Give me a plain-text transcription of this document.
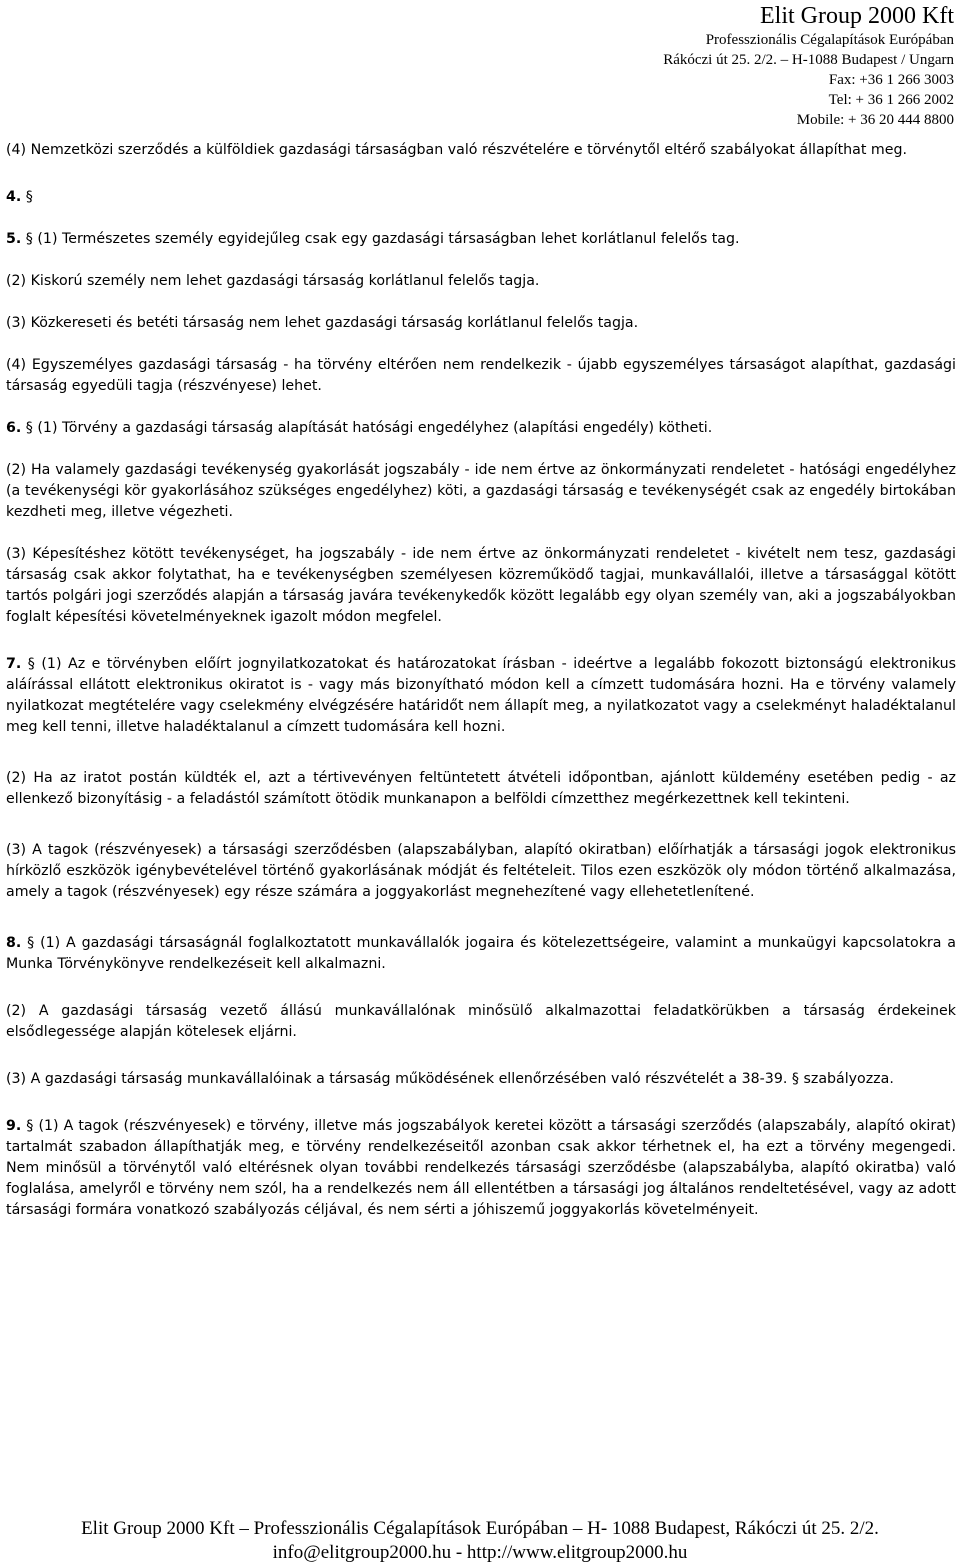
Elit Group 2000 Kft
Professzionális Cégalapítások Európában
Rákóczi út 25. 2/2. – H-1088 Budapest / Ungarn
Fax: +36 1 266 3003
Tel: + 36 1 266 2002
Mobile: + 36 20 444 8800

(4) Nemzetközi szerződés a külföldiek gazdasági társaságban való részvételére e törvénytől eltérő szabályokat állapíthat meg.

4. §

5. § (1) Természetes személy egyidejűleg csak egy gazdasági társaságban lehet korlátlanul felelős tag.

(2) Kiskorú személy nem lehet gazdasági társaság korlátlanul felelős tagja.

(3) Közkereseti és betéti társaság nem lehet gazdasági társaság korlátlanul felelős tagja.

(4) Egyszemélyes gazdasági társaság - ha törvény eltérően nem rendelkezik - újabb egyszemélyes társaságot alapíthat, gazdasági társaság egyedüli tagja (részvényese) lehet.

6. § (1) Törvény a gazdasági társaság alapítását hatósági engedélyhez (alapítási engedély) kötheti.

(2) Ha valamely gazdasági tevékenység gyakorlását jogszabály - ide nem értve az önkormányzati rendeletet - hatósági engedélyhez (a tevékenységi kör gyakorlásához szükséges engedélyhez) köti, a gazdasági társaság e tevékenységét csak az engedély birtokában kezdheti meg, illetve végezheti.

(3) Képesítéshez kötött tevékenységet, ha jogszabály - ide nem értve az önkormányzati rendeletet - kivételt nem tesz, gazdasági társaság csak akkor folytathat, ha e tevékenységben személyesen közreműködő tagjai, munkavállalói, illetve a társasággal kötött tartós polgári jogi szerződés alapján a társaság javára tevékenykedők között legalább egy olyan személy van, aki a jogszabályokban foglalt képesítési követelményeknek igazolt módon megfelel.

7. § (1) Az e törvényben előírt jognyilatkozatokat és határozatokat írásban - ideértve a legalább fokozott biztonságú elektronikus aláírással ellátott elektronikus okiratot is - vagy más bizonyítható módon kell a címzett tudomására hozni. Ha e törvény valamely nyilatkozat megtételére vagy cselekmény elvégzésére határidőt nem állapít meg, a nyilatkozatot vagy a cselekményt haladéktalanul meg kell tenni, illetve haladéktalanul a címzett tudomására kell hozni.

(2) Ha az iratot postán küldték el, azt a tértivevényen feltüntetett átvételi időpontban, ajánlott küldemény esetében pedig - az ellenkező bizonyításig - a feladástól számított ötödik munkanapon a belföldi címzetthez megérkezettnek kell tekinteni.

(3) A tagok (részvényesek) a társasági szerződésben (alapszabályban, alapító okiratban) előírhatják a társasági jogok elektronikus hírközlő eszközök igénybevételével történő gyakorlásának módját és feltételeit. Tilos ezen eszközök oly módon történő alkalmazása, amely a tagok (részvényesek) egy része számára a joggyakorlást megnehezítené vagy ellehetetlenítené.

8. § (1) A gazdasági társaságnál foglalkoztatott munkavállalók jogaira és kötelezettségeire, valamint a munkaügyi kapcsolatokra a Munka Törvénykönyve rendelkezéseit kell alkalmazni.

(2) A gazdasági társaság vezető állású munkavállalónak minősülő alkalmazottai feladatkörükben a társaság érdekeinek elsődlegessége alapján kötelesek eljárni.

(3) A gazdasági társaság munkavállalóinak a társaság működésének ellenőrzésében való részvételét a 38-39. § szabályozza.

9. § (1) A tagok (részvényesek) e törvény, illetve más jogszabályok keretei között a társasági szerződés (alapszabály, alapító okirat) tartalmát szabadon állapíthatják meg, e törvény rendelkezéseitől azonban csak akkor térhetnek el, ha ezt a törvény megengedi. Nem minősül a törvénytől való eltérésnek olyan további rendelkezés társasági szerződésbe (alapszabályba, alapító okiratba) való foglalása, amelyről e törvény nem szól, ha a rendelkezés nem áll ellentétben a társasági jog általános rendeltetésével, vagy az adott társasági formára vonatkozó szabályozás céljával, és nem sérti a jóhiszemű joggyakorlás követelményeit.

Elit Group 2000 Kft – Professzionális Cégalapítások Európában – H- 1088 Budapest, Rákóczi út 25. 2/2.
info@elitgroup2000.hu - http://www.elitgroup2000.hu
